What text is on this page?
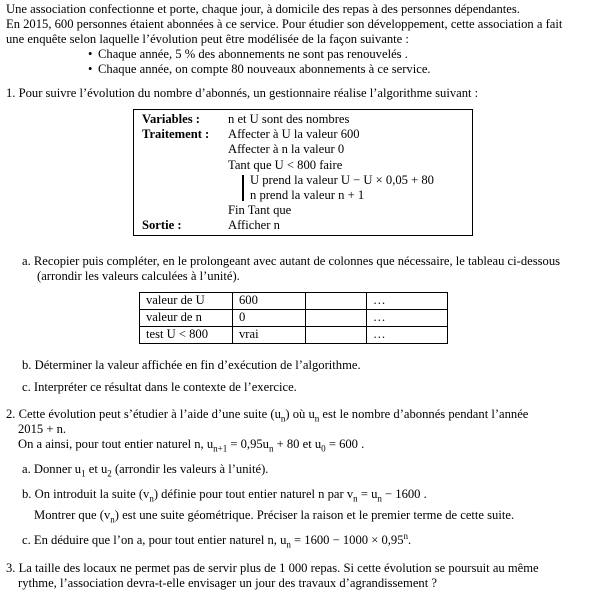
Une association confectionne et porte, chaque jour, à domicile des repas à des personnes dépendantes.

En 2015, 600 personnes étaient abonnées à ce service. Pour étudier son développement, cette association a fait

une enquête selon laquelle l’évolution peut être modélisée de la façon suivante :

• Chaque année, 5 % des abonnements ne sont pas renouvelés .
• Chaque année, on compte 80 nouveaux abonnements à ce service.

1. Pour suivre l’évolution du nombre d’abonnés, un gestionnaire réalise l’algorithme suivant :

Variables :	n et U sont des nombres
Traitement :	Affecter à U la valeur 600
Affecter à n la valeur 0
Tant que U < 800 faire
U prend la valeur U − U × 0,05 + 80
n prend la valeur n + 1
Fin Tant que
Sortie :	Afficher n

a. Recopier puis compléter, en le prolongeant avec autant de colonnes que nécessaire, le tableau ci-dessous

(arrondir les valeurs calculées à l’unité).

valeur de U	600		…
valeur de n	0		…
test U < 800	vrai		…

b. Déterminer la valeur affichée en fin d’exécution de l’algorithme.

c. Interpréter ce résultat dans le contexte de l’exercice.

2. Cette évolution peut s’étudier à l’aide d’une suite $(u_n)$ où $u_n$ est le nombre d’abonnés pendant l’année

2015 + n.

On a ainsi, pour tout entier naturel n, $u_{n+1} = 0,95u_n + 80$ et $u_0 = 600$ .

a. Donner $u_1$ et $u_2$ (arrondir les valeurs à l’unité).

b. On introduit la suite $(v_n)$ définie pour tout entier naturel n par $v_n = u_n - 1600$ .

Montrer que $(v_n)$ est une suite géométrique. Préciser la raison et le premier terme de cette suite.

c. En déduire que l’on a, pour tout entier naturel n, $u_n = 1600 - 1000 \times 0,95^n$.

3. La taille des locaux ne permet pas de servir plus de 1 000 repas. Si cette évolution se poursuit au même

rythme, l’association devra-t-elle envisager un jour des travaux d’agrandissement ?
